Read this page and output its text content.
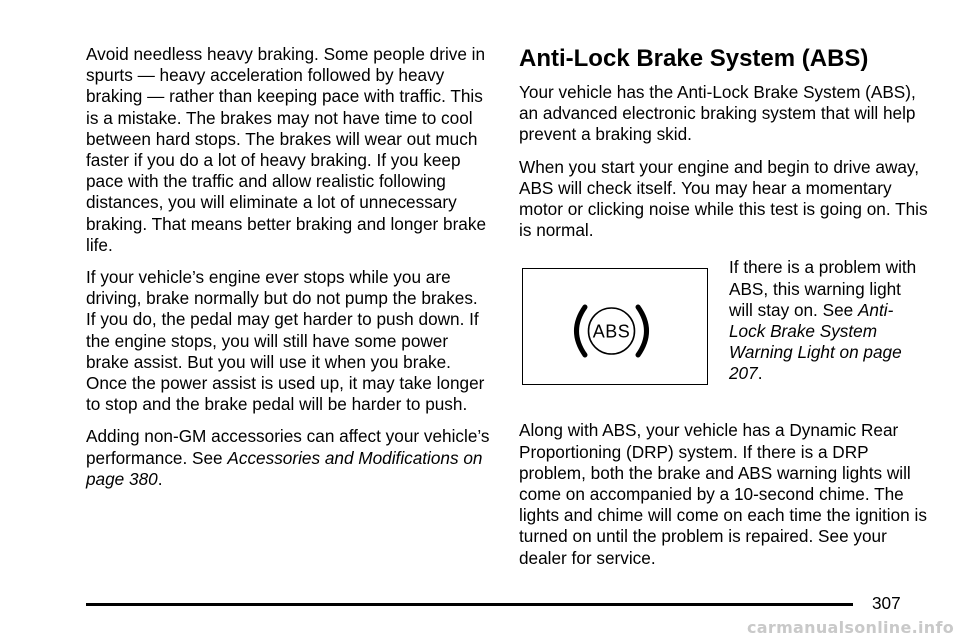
Avoid needless heavy braking. Some people drive in spurts — heavy acceleration followed by heavy braking — rather than keeping pace with traffic. This is a mistake. The brakes may not have time to cool between hard stops. The brakes will wear out much faster if you do a lot of heavy braking. If you keep pace with the traffic and allow realistic following distances, you will eliminate a lot of unnecessary braking. That means better braking and longer brake life.

If your vehicle’s engine ever stops while you are driving, brake normally but do not pump the brakes. If you do, the pedal may get harder to push down. If the engine stops, you will still have some power brake assist. But you will use it when you brake. Once the power assist is used up, it may take longer to stop and the brake pedal will be harder to push.

Adding non-GM accessories can affect your vehicle’s performance. See Accessories and Modifications on page 380.

Anti-Lock Brake System (ABS)

Your vehicle has the Anti-Lock Brake System (ABS), an advanced electronic braking system that will help prevent a braking skid.

When you start your engine and begin to drive away, ABS will check itself. You may hear a momentary motor or clicking noise while this test is going on. This is normal.

ABS
If there is a problem with ABS, this warning light will stay on. See Anti-Lock Brake System Warning Light on page 207.

Along with ABS, your vehicle has a Dynamic Rear Proportioning (DRP) system. If there is a DRP problem, both the brake and ABS warning lights will come on accompanied by a 10-second chime. The lights and chime will come on each time the ignition is turned on until the problem is repaired. See your dealer for service.

307
carmanualsonline.info
